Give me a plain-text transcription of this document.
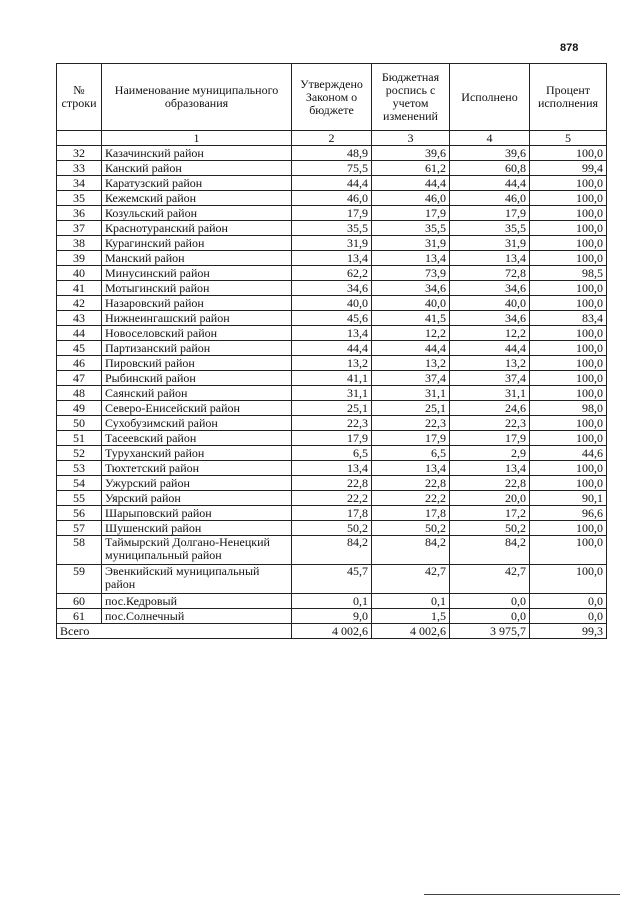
878
№ строки	Наименование муниципального образования	Утверждено Законом о бюджете	Бюджетная роспись с учетом изменений	Исполнено	Процент исполнения
	1	2	3	4	5
32	Казачинский район	48,9	39,6	39,6	100,0
33	Канский район	75,5	61,2	60,8	99,4
34	Каратузский район	44,4	44,4	44,4	100,0
35	Кежемский район	46,0	46,0	46,0	100,0
36	Козульский район	17,9	17,9	17,9	100,0
37	Краснотуранский район	35,5	35,5	35,5	100,0
38	Курагинский район	31,9	31,9	31,9	100,0
39	Манский район	13,4	13,4	13,4	100,0
40	Минусинский район	62,2	73,9	72,8	98,5
41	Мотыгинский район	34,6	34,6	34,6	100,0
42	Назаровский район	40,0	40,0	40,0	100,0
43	Нижнеингашский район	45,6	41,5	34,6	83,4
44	Новоселовский район	13,4	12,2	12,2	100,0
45	Партизанский район	44,4	44,4	44,4	100,0
46	Пировский район	13,2	13,2	13,2	100,0
47	Рыбинский район	41,1	37,4	37,4	100,0
48	Саянский район	31,1	31,1	31,1	100,0
49	Северо-Енисейский район	25,1	25,1	24,6	98,0
50	Сухобузимский район	22,3	22,3	22,3	100,0
51	Тасеевский район	17,9	17,9	17,9	100,0
52	Туруханский район	6,5	6,5	2,9	44,6
53	Тюхтетский район	13,4	13,4	13,4	100,0
54	Ужурский район	22,8	22,8	22,8	100,0
55	Уярский район	22,2	22,2	20,0	90,1
56	Шарыповский район	17,8	17,8	17,2	96,6
57	Шушенский район	50,2	50,2	50,2	100,0
58	Таймырский Долгано-Ненецкий муниципальный район	84,2	84,2	84,2	100,0
59	Эвенкийский муниципальный район	45,7	42,7	42,7	100,0
60	пос.Кедровый	0,1	0,1	0,0	0,0
61	пос.Солнечный	9,0	1,5	0,0	0,0
Всего		4 002,6	4 002,6	3 975,7	99,3
